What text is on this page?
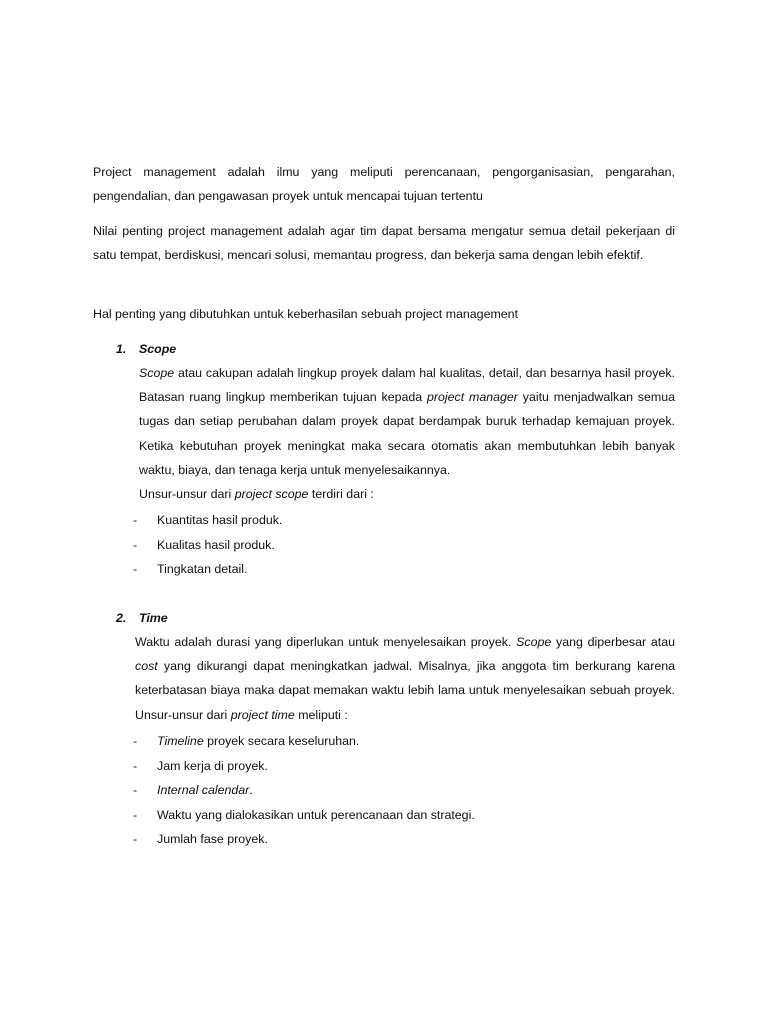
Project management adalah ilmu yang meliputi perencanaan, pengorganisasian, pengarahan, pengendalian, dan pengawasan proyek untuk mencapai tujuan tertentu

Nilai penting project management adalah agar tim dapat bersama mengatur semua detail pekerjaan di satu tempat, berdiskusi, mencari solusi, memantau progress, dan bekerja sama dengan lebih efektif.

Hal penting yang dibutuhkan untuk keberhasilan sebuah project management

1. Scope

Scope atau cakupan adalah lingkup proyek dalam hal kualitas, detail, dan besarnya hasil proyek. Batasan ruang lingkup memberikan tujuan kepada project manager yaitu menjadwalkan semua tugas dan setiap perubahan dalam proyek dapat berdampak buruk terhadap kemajuan proyek. Ketika kebutuhan proyek meningkat maka secara otomatis akan membutuhkan lebih banyak waktu, biaya, dan tenaga kerja untuk menyelesaikannya.
Unsur-unsur dari project scope terdiri dari :
- Kuantitas hasil produk.
- Kualitas hasil produk.
- Tingkatan detail.

2. Time

Waktu adalah durasi yang diperlukan untuk menyelesaikan proyek. Scope yang diperbesar atau cost yang dikurangi dapat meningkatkan jadwal. Misalnya, jika anggota tim berkurang karena keterbatasan biaya maka dapat memakan waktu lebih lama untuk menyelesaikan sebuah proyek. Unsur-unsur dari project time meliputi :
- Timeline proyek secara keseluruhan.
- Jam kerja di proyek.
- Internal calendar.
- Waktu yang dialokasikan untuk perencanaan dan strategi.
- Jumlah fase proyek.
